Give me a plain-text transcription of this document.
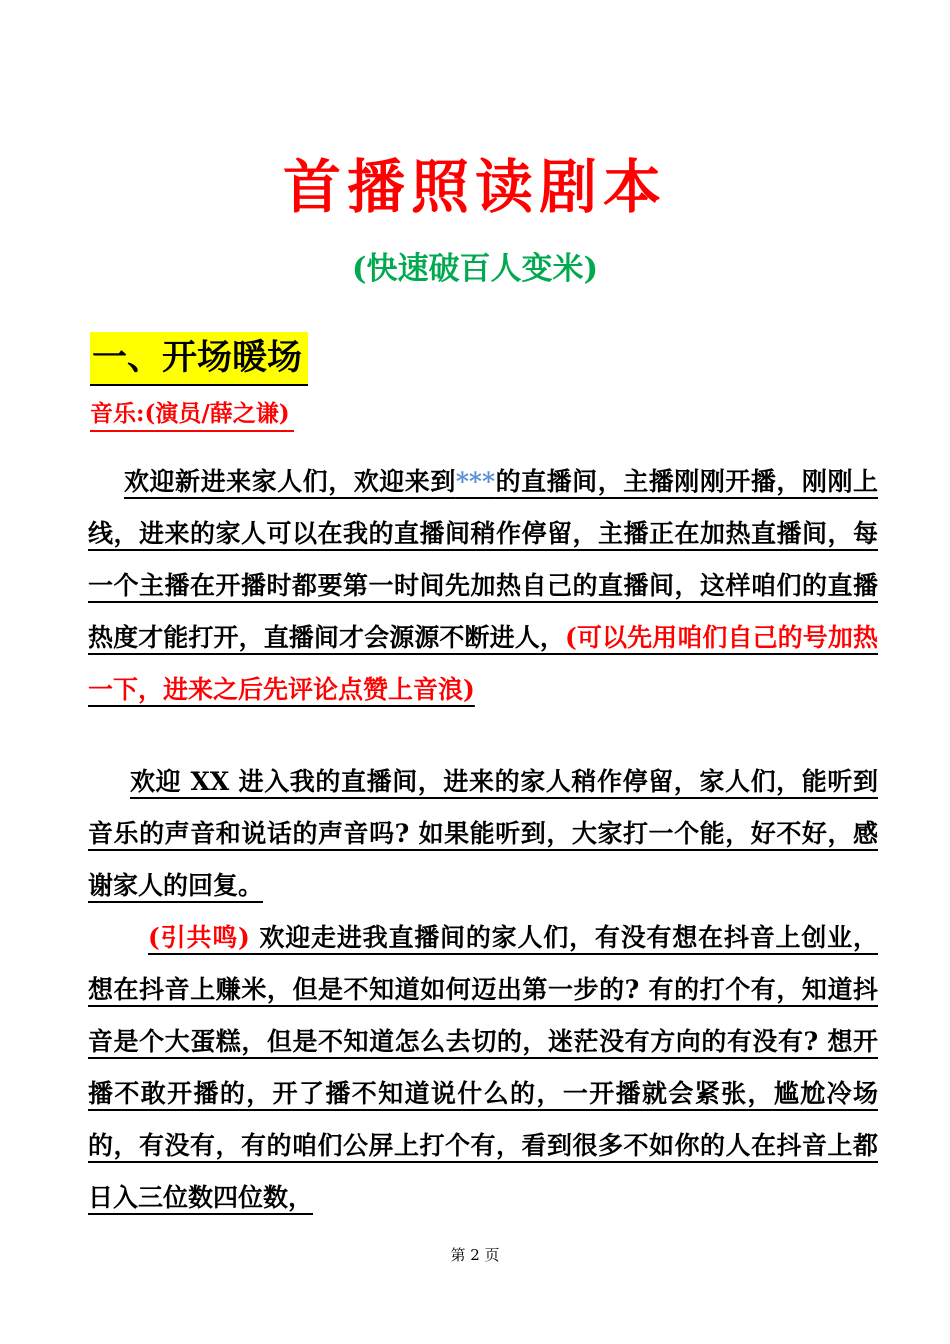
首播照读剧本
(快速破百人变米)
一、开场暖场
音乐:(演员/薛之谦)
欢迎新进来家人们，欢迎来到***的直播间，主播刚刚开播，刚刚上线，进来的家人可以在我的直播间稍作停留，主播正在加热直播间，每一个主播在开播时都要第一时间先加热自己的直播间，这样咱们的直播热度才能打开，直播间才会源源不断进人，(可以先用咱们自己的号加热一下，进来之后先评论点赞上音浪)
欢迎 XX 进入我的直播间，进来的家人稍作停留，家人们，能听到音乐的声音和说话的声音吗? 如果能听到，大家打一个能，好不好，感谢家人的回复。
(引共鸣) 欢迎走进我直播间的家人们，有没有想在抖音上创业，想在抖音上赚米，但是不知道如何迈出第一步的? 有的打个有，知道抖音是个大蛋糕，但是不知道怎么去切的，迷茫没有方向的有没有? 想开播不敢开播的，开了播不知道说什么的，一开播就会紧张，尴尬冷场的，有没有，有的咱们公屏上打个有，看到很多不如你的人在抖音上都 日入三位数四位数，
第 2 页
